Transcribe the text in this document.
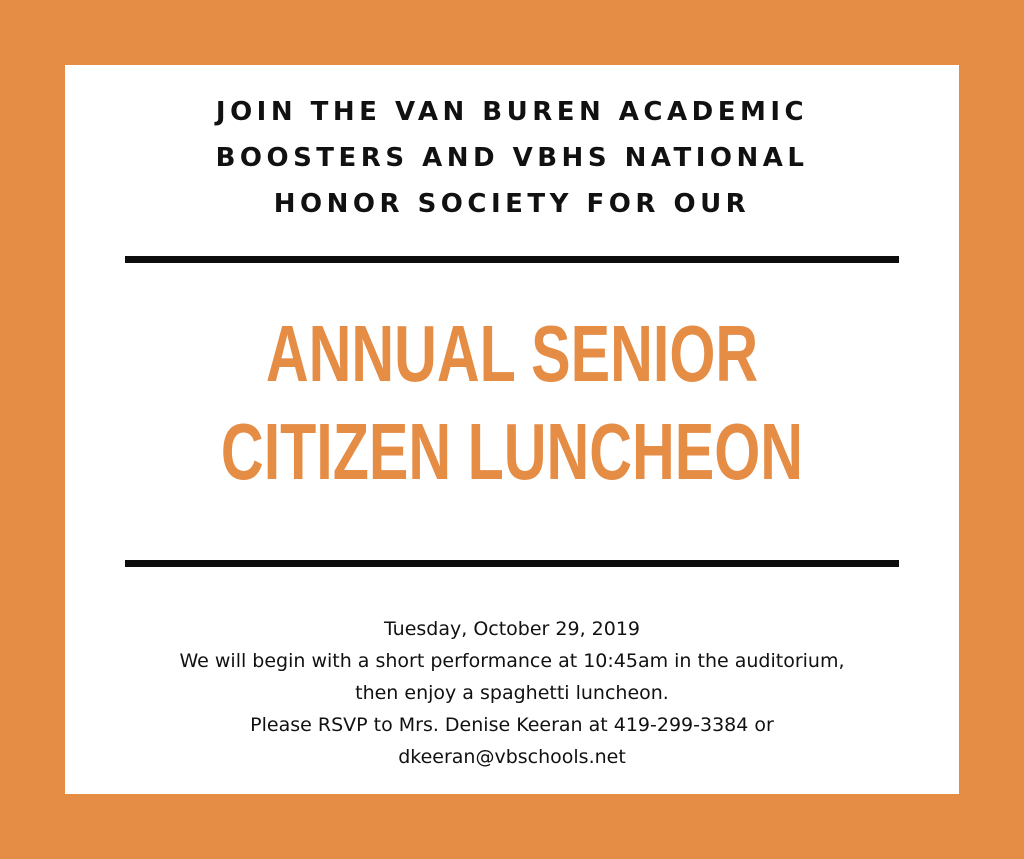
JOIN THE VAN BUREN ACADEMIC
BOOSTERS AND VBHS NATIONAL
HONOR SOCIETY FOR OUR
ANNUAL SENIOR
CITIZEN LUNCHEON
Tuesday, October 29, 2019
We will begin with a short performance at 10:45am in the auditorium,
then enjoy a spaghetti luncheon.
Please RSVP to Mrs. Denise Keeran at 419-299-3384 or
dkeeran@vbschools.net
